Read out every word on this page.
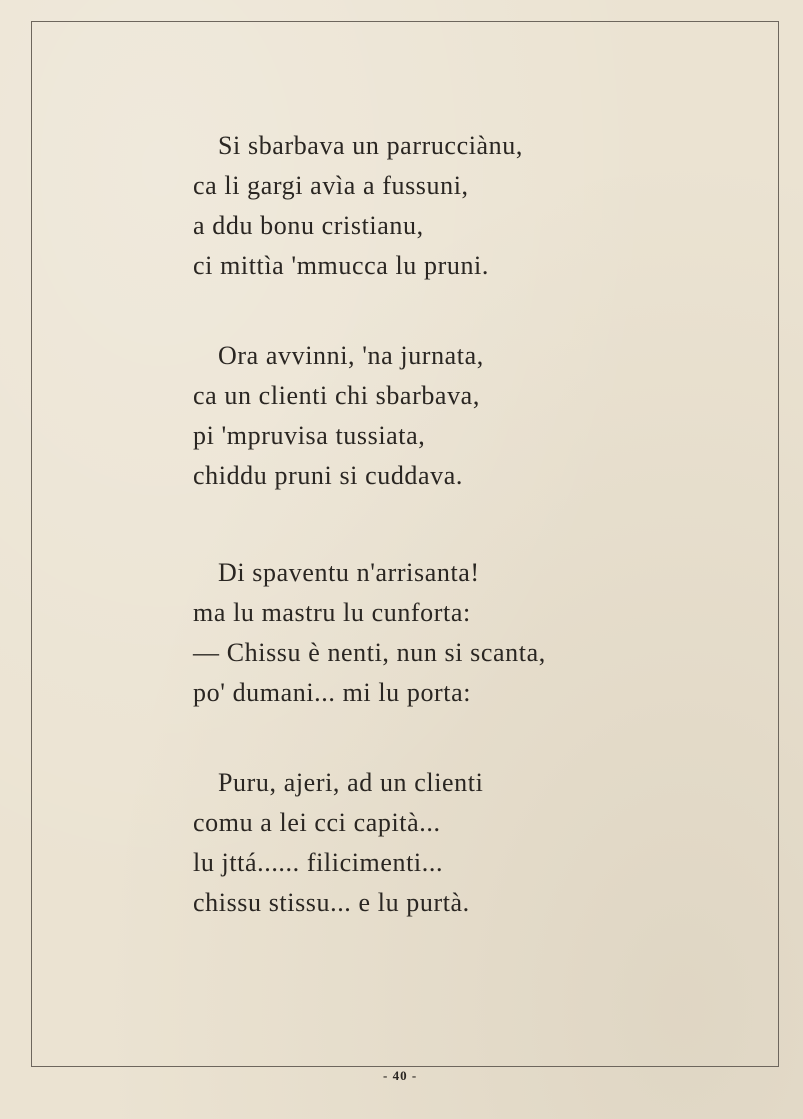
Si sbarbava un parrucciànu,
ca li gargi avìa a fussuni,
a ddu bonu cristianu,
ci mittìa 'mmucca lu pruni.
Ora avvinni, 'na jurnata,
ca un clienti chi sbarbava,
pi 'mpruvisa tussiata,
chiddu pruni si cuddava.
Di spaventu n'arrisanta!
ma lu mastru lu cunforta:
— Chissu è nenti, nun si scanta,
po' dumani... mi lu porta:
Puru, ajeri, ad un clienti
comu a lei cci capità...
lu jttá...... filicimenti...
chissu stissu... e lu purtà.
- 40 -
